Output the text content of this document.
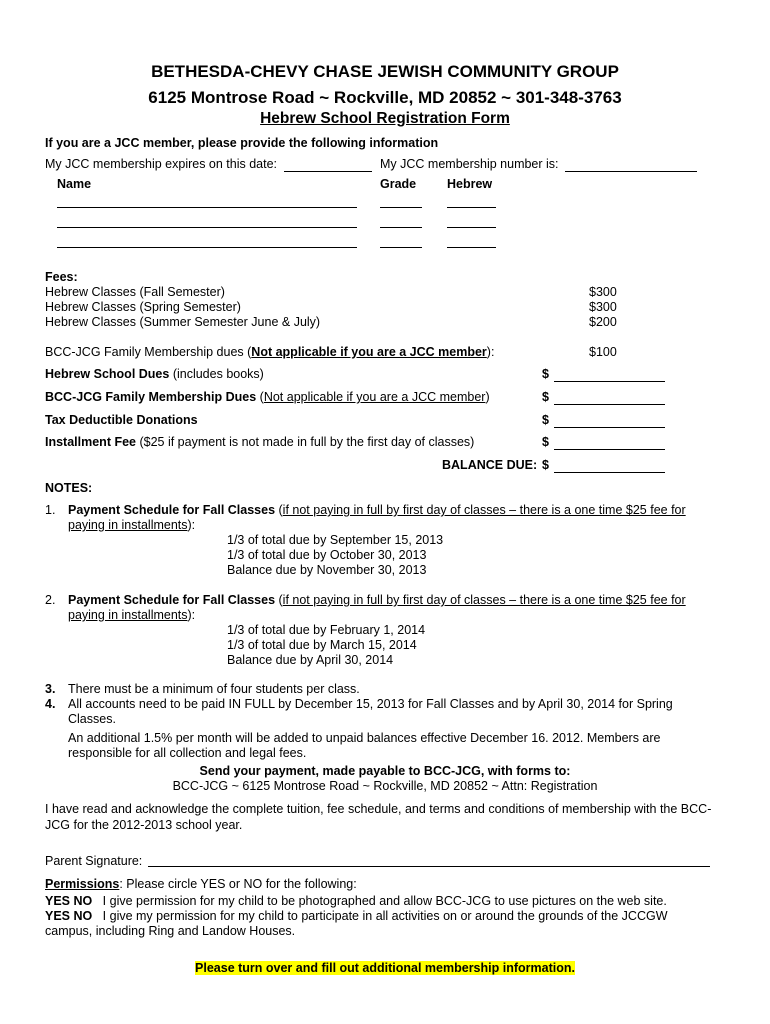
BETHESDA-CHEVY CHASE JEWISH COMMUNITY GROUP
6125 Montrose Road ~ Rockville, MD 20852 ~ 301-348-3763
Hebrew School Registration Form
If you are a JCC member, please provide the following information
My JCC membership expires on this date:	My JCC membership number is:
Name	Grade Hebrew
Fees:
Hebrew Classes (Fall Semester)	$300
Hebrew Classes (Spring Semester)	$300
Hebrew Classes (Summer Semester June & July)	$200
BCC-JCG Family Membership dues (Not applicable if you are a JCC member):	$100
Hebrew School Dues (includes books)	$
BCC-JCG Family Membership Dues (Not applicable if you are a JCC member)	$
Tax Deductible Donations	$
Installment Fee ($25 if payment is not made in full by the first day of classes)	$
BALANCE DUE: $
NOTES:
1. Payment Schedule for Fall Classes (if not paying in full by first day of classes – there is a one time $25 fee for
paying in installments):
1/3 of total due by September 15, 2013
1/3 of total due by October 30, 2013
Balance due by November 30, 2013
2. Payment Schedule for Fall Classes (if not paying in full by first day of classes – there is a one time $25 fee for
paying in installments):
1/3 of total due by February 1, 2014
1/3 of total due by March 15, 2014
Balance due by April 30, 2014
3. There must be a minimum of four students per class.
4. All accounts need to be paid IN FULL by December 15, 2013 for Fall Classes and by April 30, 2014 for Spring
Classes.
An additional 1.5% per month will be added to unpaid balances effective December 16. 2012. Members are
responsible for all collection and legal fees.
Send your payment, made payable to BCC-JCG, with forms to:
BCC-JCG ~ 6125 Montrose Road ~ Rockville, MD 20852 ~ Attn: Registration
I have read and acknowledge the complete tuition, fee schedule, and terms and conditions of membership with the BCC-
JCG for the 2012-2013 school year.
Parent Signature:
Permissions: Please circle YES or NO for the following:
YES NO I give permission for my child to be photographed and allow BCC-JCG to use pictures on the web site.
YES NO I give my permission for my child to participate in all activities on or around the grounds of the JCCGW
campus, including Ring and Landow Houses.
Please turn over and fill out additional membership information.
